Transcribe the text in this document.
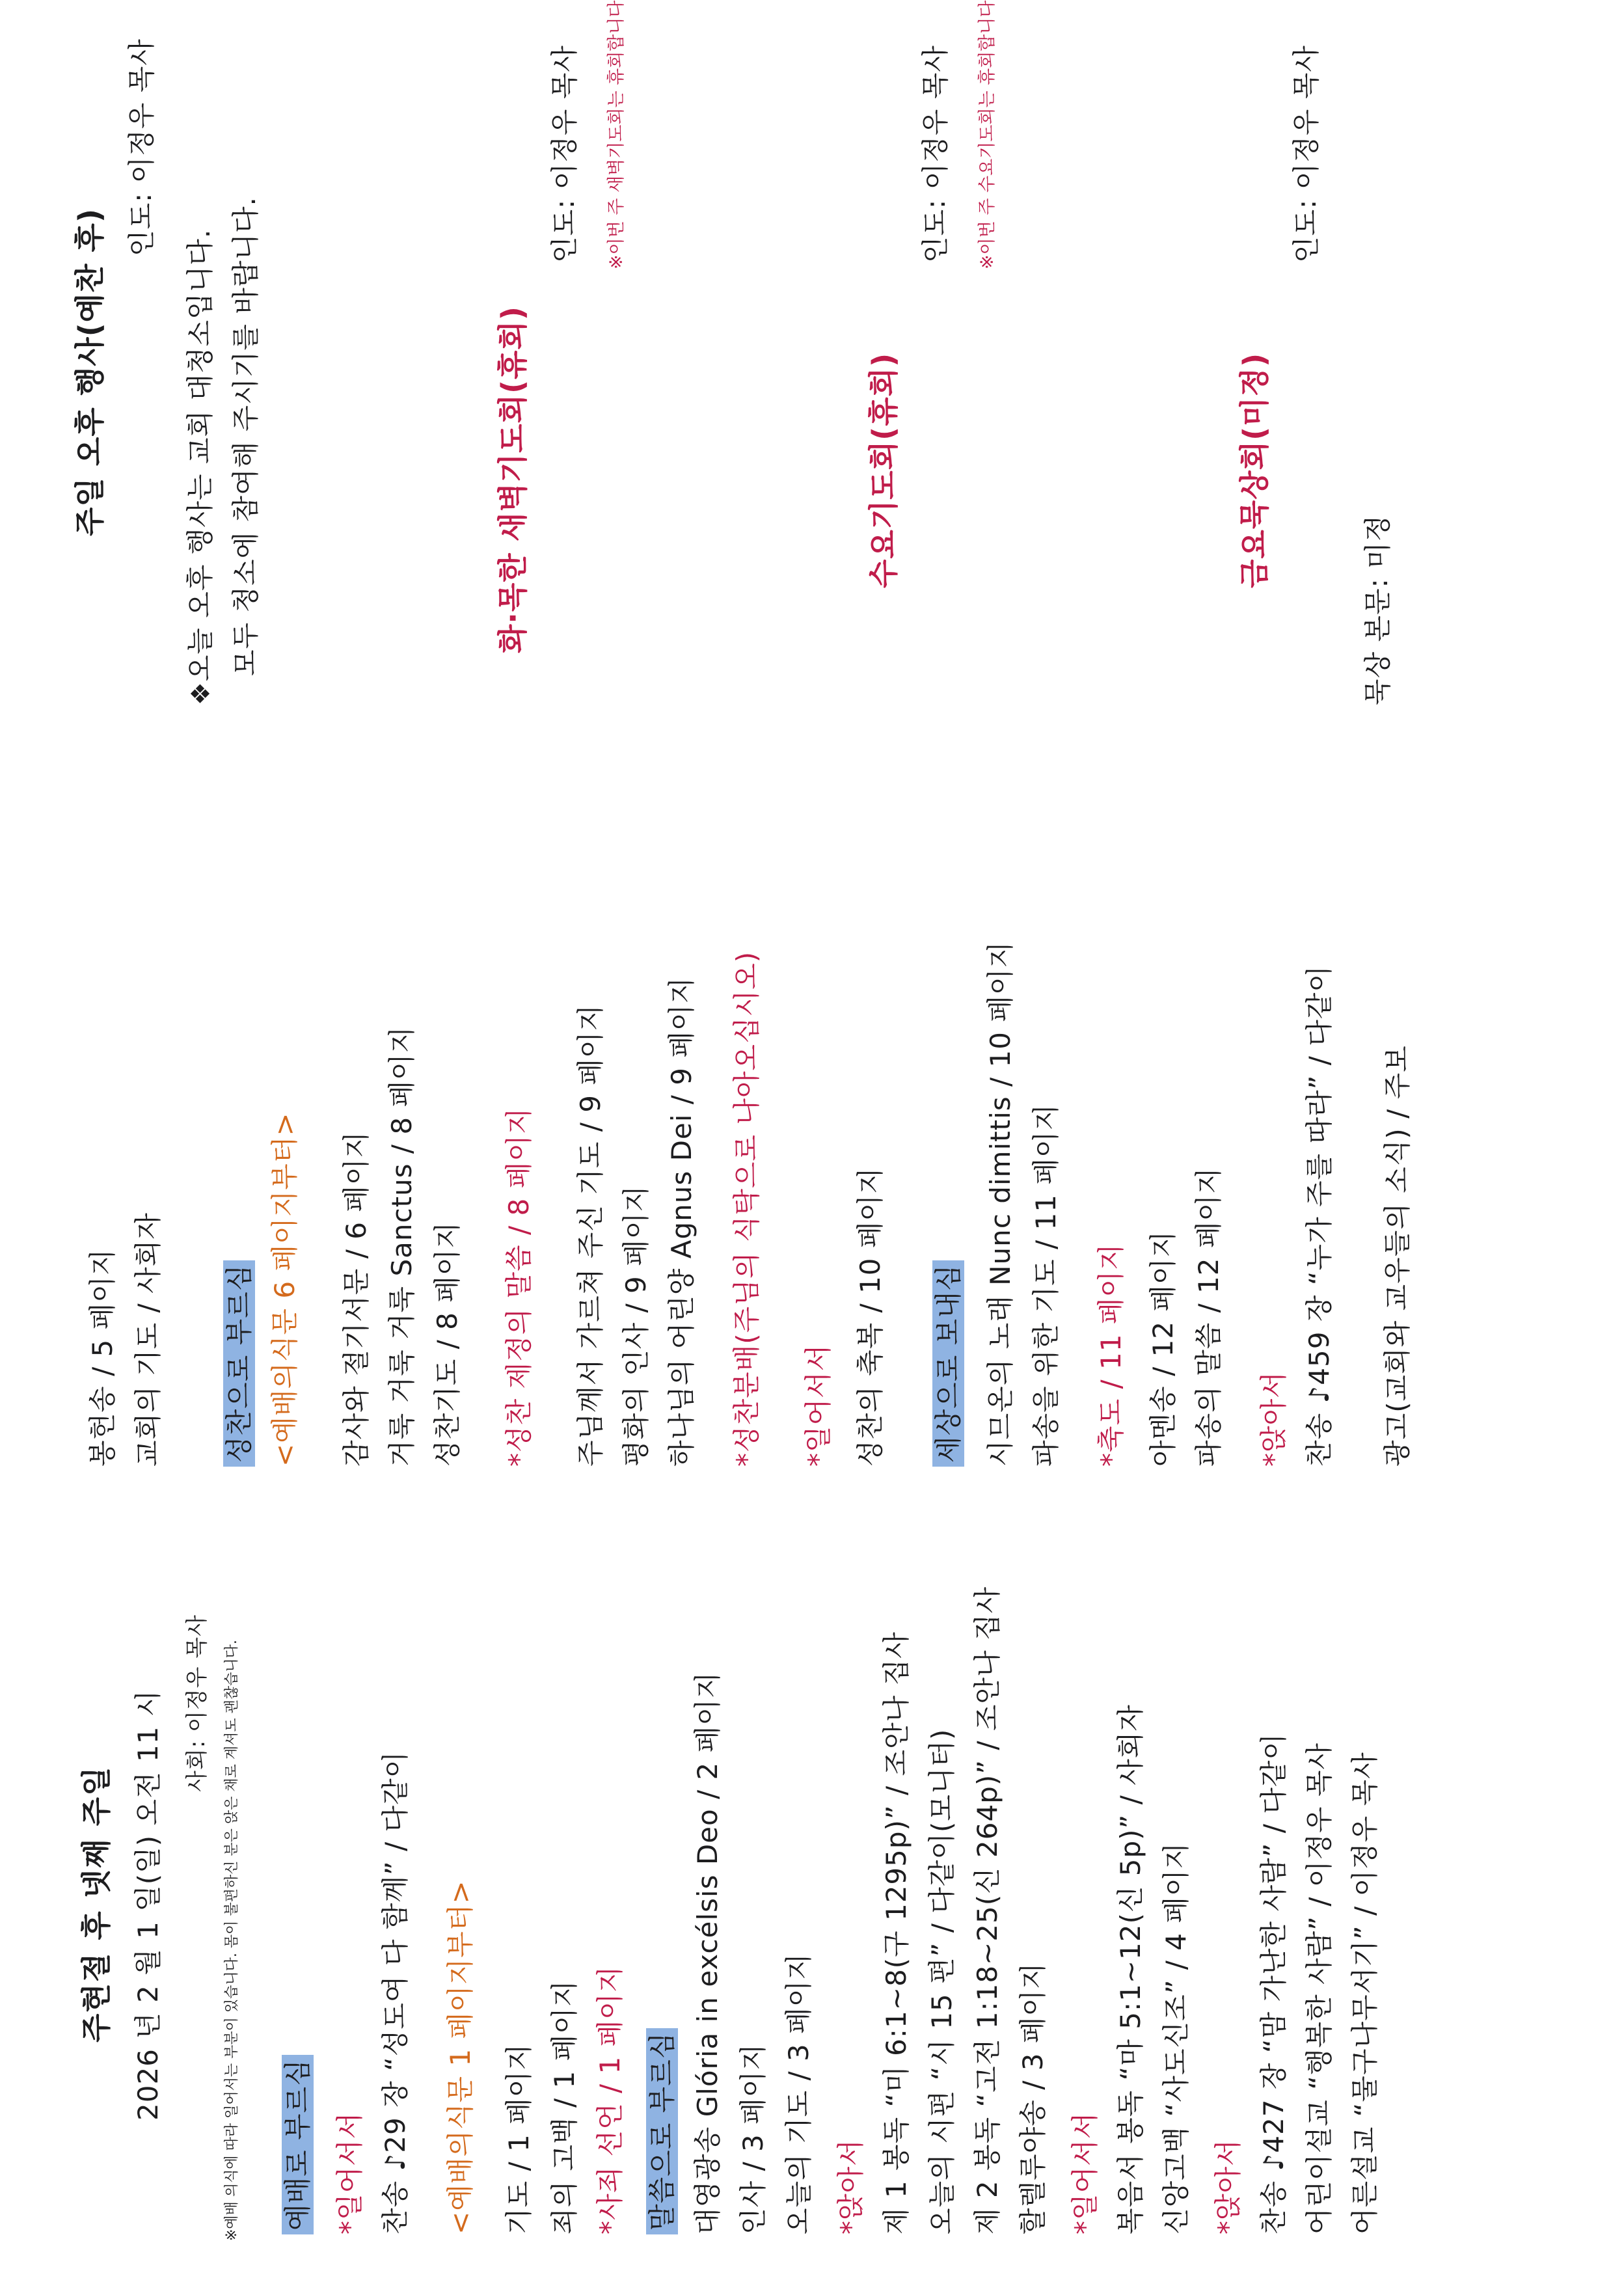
주현절 후 넷째 주일 2026 년 2 월 1 일(일) 오전 11 시 사회: 이정우 목사 ※예배 의식에 따라 일어서는 부분이 있습니다. 몸이 불편하신 분은 앉은 채로 계셔도 괜찮습니다. 예배로 부르심 *일어서서 찬송 ♪29 장 “성도여 다 함께” / 다같이 <예배의식문 1 페이지부터> 기도 / 1 페이지 죄의 고백 / 1 페이지 *사죄 선언 / 1 페이지 말씀으로 부르심 대영광송 Glória in excélsis Deo / 2 페이지 인사 / 3 페이지 오늘의 기도 / 3 페이지 *앉아서 제 1 봉독 “미 6:1~8(구 1295p)” / 조안나 집사 오늘의 시편 “시 15 편” / 다같이(모니터) 제 2 봉독 “고전 1:18~25(신 264p)” / 조안나 집사 할렐루야송 / 3 페이지 *일어서서 복음서 봉독 “마 5:1~12(신 5p)” / 사회자 신앙고백 “사도신조” / 4 페이지 *앉아서 찬송 ♪427 장 “맘 가난한 사람” / 다같이 어린이설교 “행복한 사람” / 이정우 목사 어른설교 “물구나무서기” / 이정우 목사
봉헌송 / 5 페이지 교회의 기도 / 사회자 성찬으로 부르심 <예배의식문 6 페이지부터> 감사와 절기서문 / 6 페이지 거룩 거룩 거룩 Sanctus / 8 페이지 성찬기도 / 8 페이지 *성찬 제정의 말씀 / 8 페이지 주님께서 가르쳐 주신 기도 / 9 페이지 평화의 인사 / 9 페이지 하나님의 어린양 Agnus Dei / 9 페이지 *성찬분배(주님의 식탁으로 나아오십시오) *일어서서 성찬의 축복 / 10 페이지 세상으로 보내심 시므온의 노래 Nunc dimittis / 10 페이지 파송을 위한 기도 / 11 페이지 *축도 / 11 페이지 아멘송 / 12 페이지 파송의 말씀 / 12 페이지 *앉아서 찬송 ♪459 장 “누가 주를 따라” / 다같이 광고(교회와 교우들의 소식) / 주보
주일 오후 행사(예찬 후)
인도: 이정우 목사
❖오늘 오후 행사는 교회 대청소입니다. 모두 청소에 참여해 주시기를 바랍니다.	화·목한 새벽기도회(휴회)
인도: 이정우 목사 ※이번 주 새벽기도회는 휴회합니다
수요기도회(휴회)
인도: 이정우 목사 ※이번 주 수요기도회는 휴회합니다
금요묵상회(미정)
인도: 이정우 목사
묵상 본문: 미정
